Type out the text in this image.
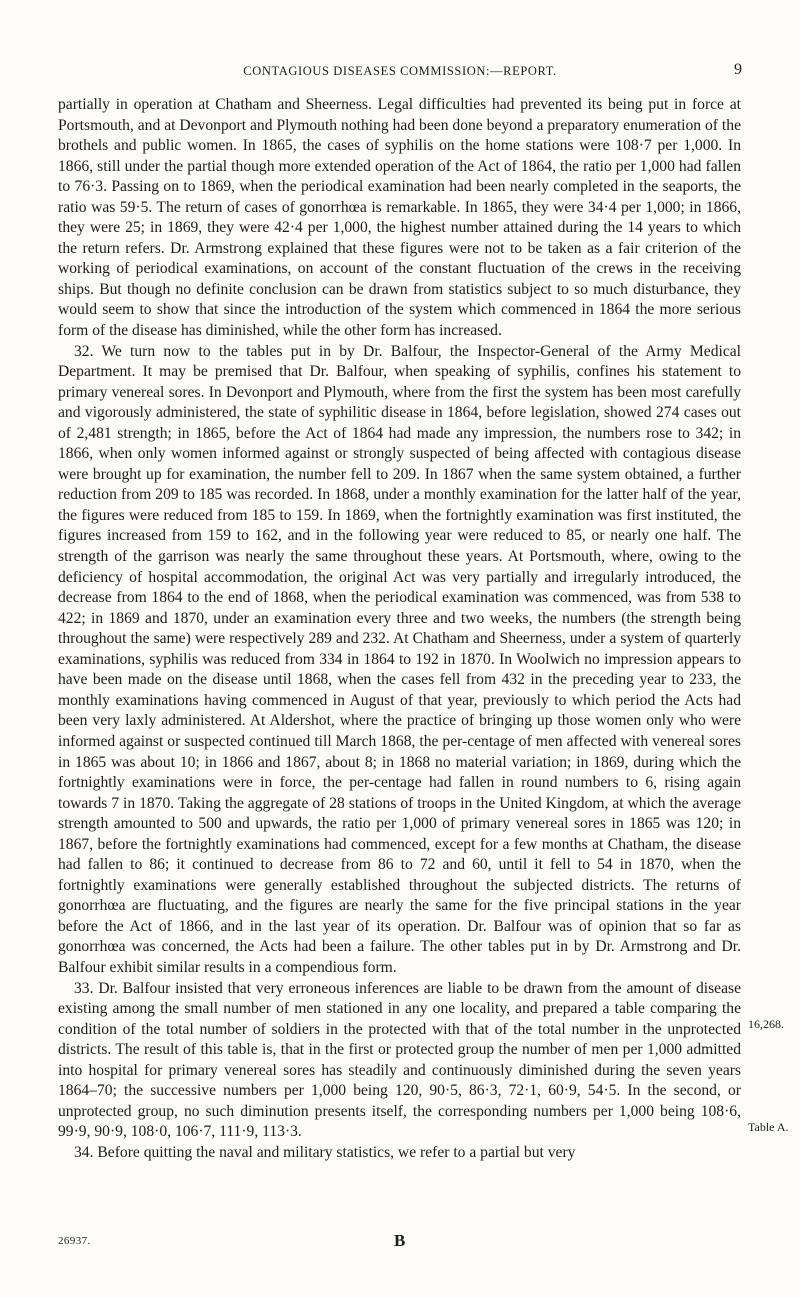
CONTAGIOUS DISEASES COMMISSION:—REPORT.	9

partially in operation at Chatham and Sheerness. Legal difficulties had prevented its being put in force at Portsmouth, and at Devonport and Plymouth nothing had been done beyond a preparatory enumeration of the brothels and public women. In 1865, the cases of syphilis on the home stations were 108·7 per 1,000. In 1866, still under the partial though more extended operation of the Act of 1864, the ratio per 1,000 had fallen to 76·3. Passing on to 1869, when the periodical examination had been nearly completed in the seaports, the ratio was 59·5. The return of cases of gonorrhœa is remarkable. In 1865, they were 34·4 per 1,000; in 1866, they were 25; in 1869, they were 42·4 per 1,000, the highest number attained during the 14 years to which the return refers. Dr. Armstrong explained that these figures were not to be taken as a fair criterion of the working of periodical examinations, on account of the constant fluctuation of the crews in the receiving ships. But though no definite conclusion can be drawn from statistics subject to so much disturbance, they would seem to show that since the introduction of the system which commenced in 1864 the more serious form of the disease has diminished, while the other form has increased.

32. We turn now to the tables put in by Dr. Balfour, the Inspector-General of the Army Medical Department. It may be premised that Dr. Balfour, when speaking of syphilis, confines his statement to primary venereal sores. In Devonport and Plymouth, where from the first the system has been most carefully and vigorously administered, the state of syphilitic disease in 1864, before legislation, showed 274 cases out of 2,481 strength; in 1865, before the Act of 1864 had made any impression, the numbers rose to 342; in 1866, when only women informed against or strongly suspected of being affected with contagious disease were brought up for examination, the number fell to 209. In 1867 when the same system obtained, a further reduction from 209 to 185 was recorded. In 1868, under a monthly examination for the latter half of the year, the figures were reduced from 185 to 159. In 1869, when the fortnightly examination was first instituted, the figures increased from 159 to 162, and in the following year were reduced to 85, or nearly one half. The strength of the garrison was nearly the same throughout these years. At Portsmouth, where, owing to the deficiency of hospital accommodation, the original Act was very partially and irregularly introduced, the decrease from 1864 to the end of 1868, when the periodical examination was commenced, was from 538 to 422; in 1869 and 1870, under an examination every three and two weeks, the numbers (the strength being throughout the same) were respectively 289 and 232. At Chatham and Sheerness, under a system of quarterly examinations, syphilis was reduced from 334 in 1864 to 192 in 1870. In Woolwich no impression appears to have been made on the disease until 1868, when the cases fell from 432 in the preceding year to 233, the monthly examinations having commenced in August of that year, previously to which period the Acts had been very laxly administered. At Aldershot, where the practice of bringing up those women only who were informed against or suspected continued till March 1868, the per-centage of men affected with venereal sores in 1865 was about 10; in 1866 and 1867, about 8; in 1868 no material variation; in 1869, during which the fortnightly examinations were in force, the per-centage had fallen in round numbers to 6, rising again towards 7 in 1870. Taking the aggregate of 28 stations of troops in the United Kingdom, at which the average strength amounted to 500 and upwards, the ratio per 1,000 of primary venereal sores in 1865 was 120; in 1867, before the fortnightly examinations had commenced, except for a few months at Chatham, the disease had fallen to 86; it continued to decrease from 86 to 72 and 60, until it fell to 54 in 1870, when the fortnightly examinations were generally established throughout the subjected districts. The returns of gonorrhœa are fluctuating, and the figures are nearly the same for the five principal stations in the year before the Act of 1866, and in the last year of its operation. Dr. Balfour was of opinion that so far as gonorrhœa was concerned, the Acts had been a failure. The other tables put in by Dr. Armstrong and Dr. Balfour exhibit similar results in a compendious form.

33. Dr. Balfour insisted that very erroneous inferences are liable to be drawn from the amount of disease existing among the small number of men stationed in any one locality, and prepared a table comparing the condition of the total number of soldiers in the protected with that of the total number in the unprotected districts. The result of this table is, that in the first or protected group the number of men per 1,000 admitted into hospital for primary venereal sores has steadily and continuously diminished during the seven years 1864–70; the successive numbers per 1,000 being 120, 90·5, 86·3, 72·1, 60·9, 54·5. In the second, or unprotected group, no such diminution presents itself, the corresponding numbers per 1,000 being 108·6, 99·9, 90·9, 108·0, 106·7, 111·9, 113·3.

34. Before quitting the naval and military statistics, we refer to a partial but very

16,268.
Table A.
26937.	B
